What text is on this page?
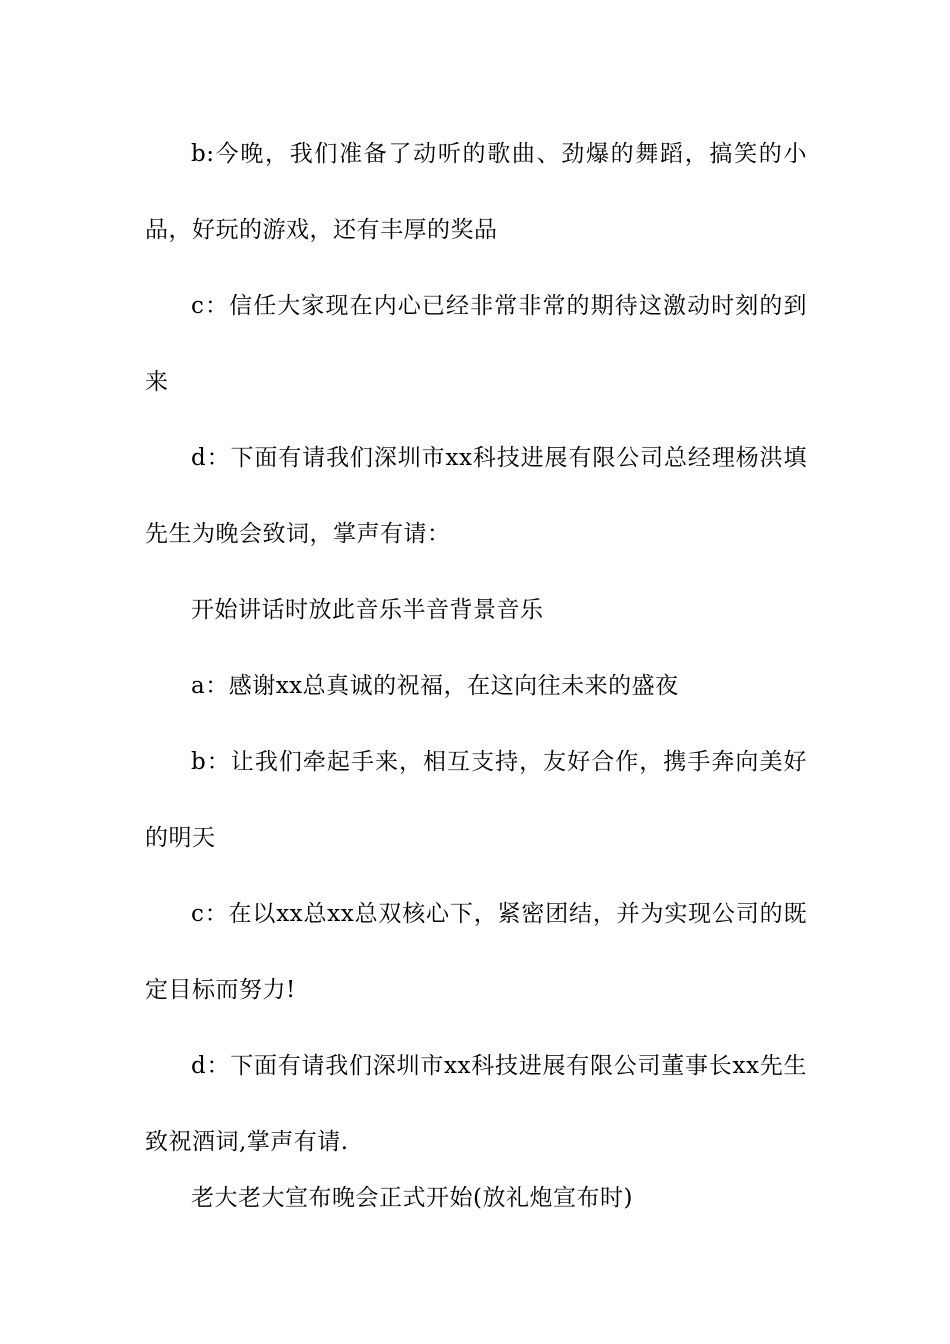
b:今晚，我们准备了动听的歌曲、劲爆的舞蹈，搞笑的小品，好玩的游戏，还有丰厚的奖品

c：信任大家现在内心已经非常非常的期待这激动时刻的到来

d：下面有请我们深圳市xx科技进展有限公司总经理杨洪填先生为晚会致词，掌声有请：

开始讲话时放此音乐半音背景音乐

a：感谢xx总真诚的祝福，在这向往未来的盛夜

b：让我们牵起手来，相互支持，友好合作，携手奔向美好的明天

c：在以xx总xx总双核心下，紧密团结，并为实现公司的既定目标而努力!

d：下面有请我们深圳市xx科技进展有限公司董事长xx先生致祝酒词,掌声有请.

老大老大宣布晚会正式开始(放礼炮宣布时)
